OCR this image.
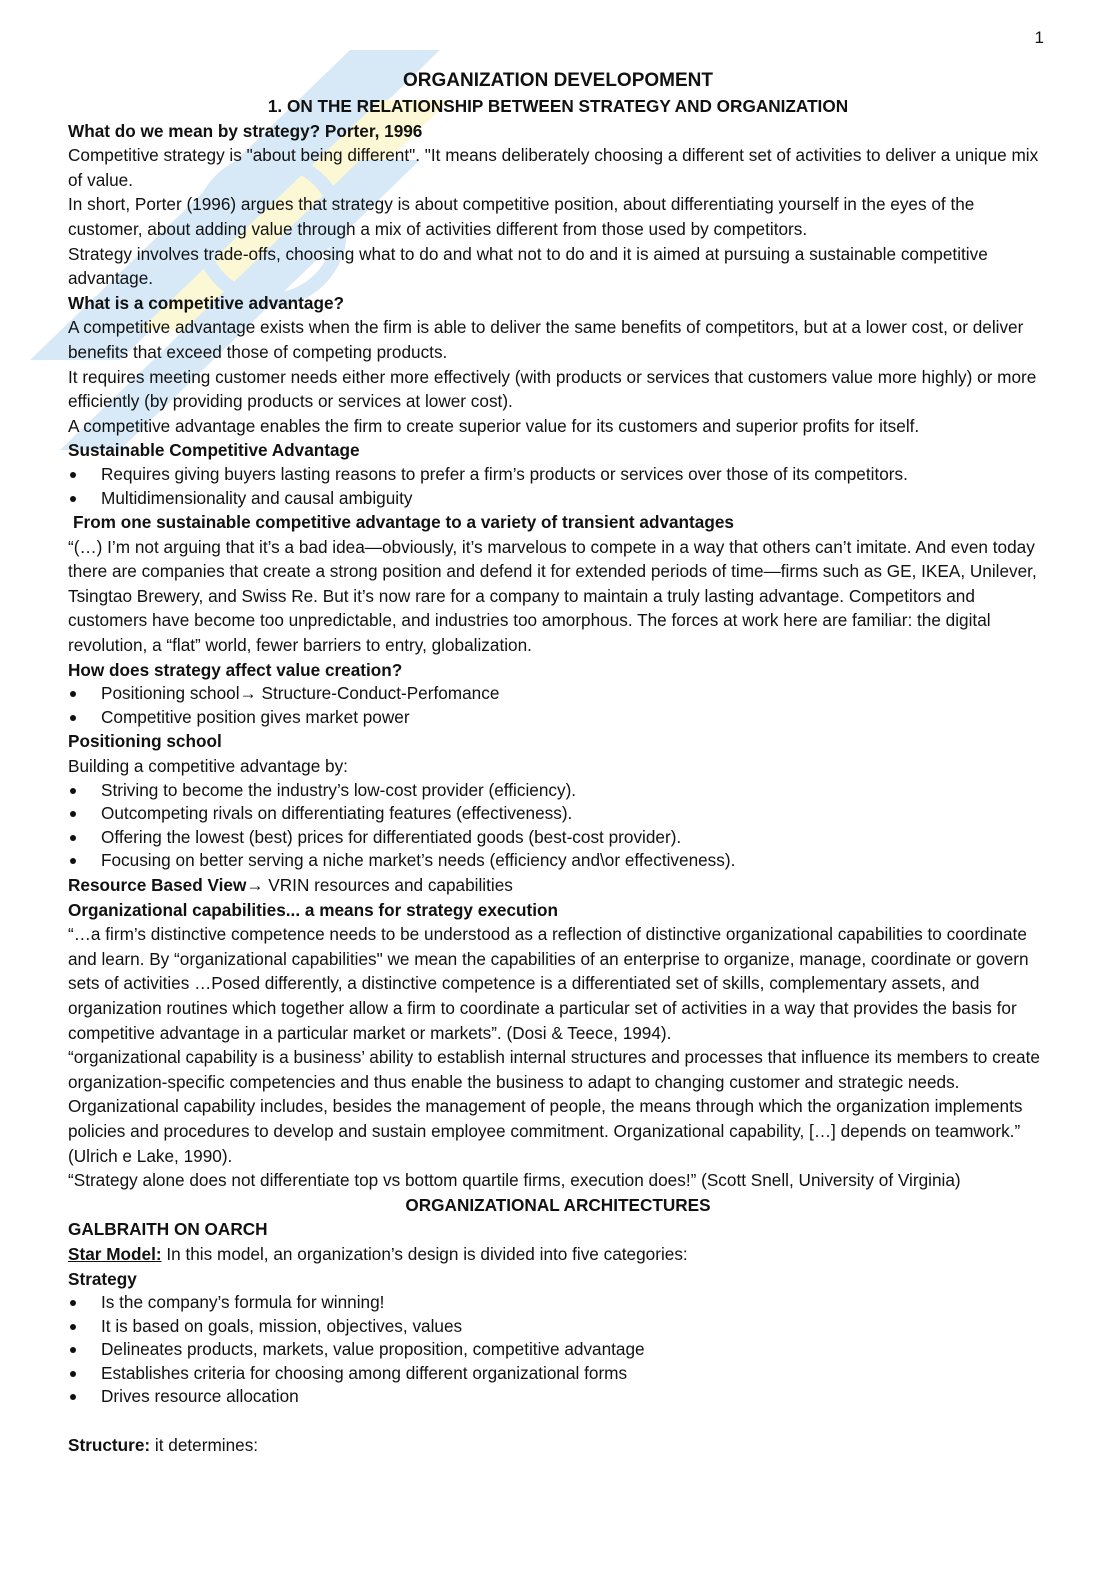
1

ORGANIZATION DEVELOPOMENT

1. ON THE RELATIONSHIP BETWEEN STRATEGY AND ORGANIZATION

What do we mean by strategy? Porter, 1996

Competitive strategy is "about being different". "It means deliberately choosing a different set of activities to deliver a unique mix of value.

In short, Porter (1996) argues that strategy is about competitive position, about differentiating yourself in the eyes of the customer, about adding value through a mix of activities different from those used by competitors.

Strategy involves trade-offs, choosing what to do and what not to do and it is aimed at pursuing a sustainable competitive advantage.

What is a competitive advantage?

A competitive advantage exists when the firm is able to deliver the same benefits of competitors, but at a lower cost, or deliver benefits that exceed those of competing products.

It requires meeting customer needs either more effectively (with products or services that customers value more highly) or more efficiently (by providing products or services at lower cost).

A competitive advantage enables the firm to create superior value for its customers and superior profits for itself.

Sustainable Competitive Advantage

Requires giving buyers lasting reasons to prefer a firm’s products or services over those of its competitors.
Multidimensionality and causal ambiguity

From one sustainable competitive advantage to a variety of transient advantages

“(…) I’m not arguing that it’s a bad idea—obviously, it’s marvelous to compete in a way that others can’t imitate. And even today there are companies that create a strong position and defend it for extended periods of time—firms such as GE, IKEA, Unilever, Tsingtao Brewery, and Swiss Re. But it’s now rare for a company to maintain a truly lasting advantage. Competitors and customers have become too unpredictable, and industries too amorphous. The forces at work here are familiar: the digital revolution, a “flat” world, fewer barriers to entry, globalization.

How does strategy affect value creation?

Positioning school→ Structure-Conduct-Perfomance
Competitive position gives market power

Positioning school

Building a competitive advantage by:

Striving to become the industry’s low-cost provider (efficiency).
Outcompeting rivals on differentiating features (effectiveness).
Offering the lowest (best) prices for differentiated goods (best-cost provider).
Focusing on better serving a niche market’s needs (efficiency and\or effectiveness).

Resource Based View→ VRIN resources and capabilities

Organizational capabilities... a means for strategy execution

“…a firm’s distinctive competence needs to be understood as a reflection of distinctive organizational capabilities to coordinate and learn. By “organizational capabilities" we mean the capabilities of an enterprise to organize, manage, coordinate or govern sets of activities …Posed differently, a distinctive competence is a differentiated set of skills, complementary assets, and organization routines which together allow a firm to coordinate a particular set of activities in a way that provides the basis for competitive advantage in a particular market or markets”. (Dosi & Teece, 1994).

“organizational capability is a business’ ability to establish internal structures and processes that influence its members to create organization-specific competencies and thus enable the business to adapt to changing customer and strategic needs. Organizational capability includes, besides the management of people, the means through which the organization implements policies and procedures to develop and sustain employee commitment. Organizational capability, […] depends on teamwork.” (Ulrich e Lake, 1990).

“Strategy alone does not differentiate top vs bottom quartile firms, execution does!” (Scott Snell, University of Virginia)

ORGANIZATIONAL ARCHITECTURES

GALBRAITH ON OARCH

Star Model: In this model, an organization’s design is divided into five categories:

Strategy

Is the company’s formula for winning!
It is based on goals, mission, objectives, values
Delineates products, markets, value proposition, competitive advantage
Establishes criteria for choosing among different organizational forms
Drives resource allocation

Structure: it determines:
